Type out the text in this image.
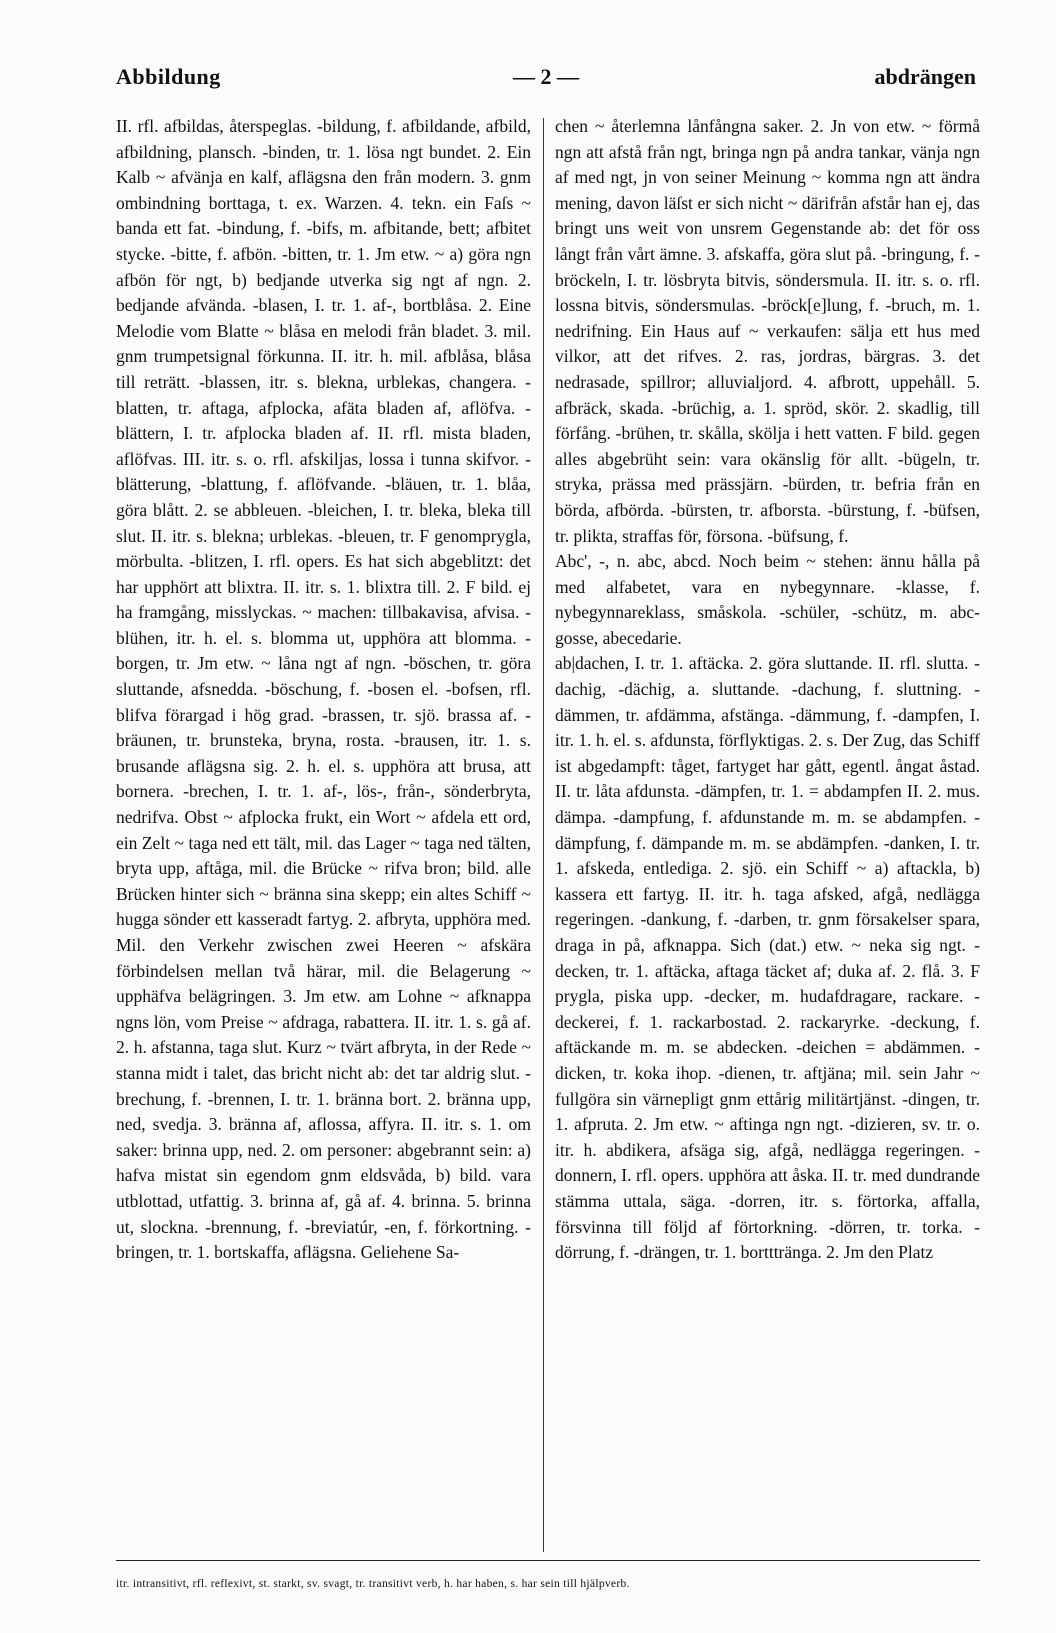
Abbildung	— 2 —	abdrängen
II. rfl. afbildas, återspeglas. -bildung, f. afbildande, afbild, afbildning, plansch. -binden, tr. 1. lösa ngt bundet. 2. Ein Kalb ~ afvänja en kalf, aflägsna den från modern. 3. gnm ombindning borttaga, t. ex. Warzen. 4. tekn. ein Faſs ~ banda ett fat. -bindung, f. -bifs, m. afbitande, bett; afbitet stycke. -bitte, f. afbön. -bitten, tr. 1. Jm etw. ~ a) göra ngn afbön för ngt, b) bedjande utverka sig ngt af ngn. 2. bedjande afvända. -blasen, I. tr. 1. af-, bortblåsa. 2. Eine Melodie vom Blatte ~ blåsa en melodi från bladet. 3. mil. gnm trumpetsignal förkunna. II. itr. h. mil. afblåsa, blåsa till reträtt. -blassen, itr. s. blekna, urblekas, changera. -blatten, tr. aftaga, afplocka, afäta bladen af, aflöfva. -blättern, I. tr. afplocka bladen af. II. rfl. mista bladen, aflöfvas. III. itr. s. o. rfl. afskiljas, lossa i tunna skifvor. -blätterung, -blattung, f. aflöfvande. -bläuen, tr. 1. blåa, göra blått. 2. se abbleuen. -bleichen, I. tr. bleka, bleka till slut. II. itr. s. blekna; urblekas. -bleuen, tr. F genomprygla, mörbulta. -blitzen, I. rfl. opers. Es hat sich abgeblitzt: det har upphört att blixtra. II. itr. s. 1. blixtra till. 2. F bild. ej ha framgång, misslyckas. ~ machen: tillbakavisa, afvisa. -blühen, itr. h. el. s. blomma ut, upphöra att blomma. -borgen, tr. Jm etw. ~ låna ngt af ngn. -böschen, tr. göra sluttande, afsnedda. -böschung, f. -bosen el. -bofsen, rfl. blifva förargad i hög grad. -brassen, tr. sjö. brassa af. -bräunen, tr. brunsteka, bryna, rosta. -brausen, itr. 1. s. brusande aflägsna sig. 2. h. el. s. upphöra att brusa, att bornera. -brechen, I. tr. 1. af-, lös-, från-, sönderbryta, nedrifva. Obst ~ afplocka frukt, ein Wort ~ afdela ett ord, ein Zelt ~ taga ned ett tält, mil. das Lager ~ taga ned tälten, bryta upp, aftåga, mil. die Brücke ~ rifva bron; bild. alle Brücken hinter sich ~ bränna sina skepp; ein altes Schiff ~ hugga sönder ett kasseradt fartyg. 2. afbryta, upphöra med. Mil. den Verkehr zwischen zwei Heeren ~ afskära förbindelsen mellan två härar, mil. die Belagerung ~ upphäfva belägringen. 3. Jm etw. am Lohne ~ afknappa ngns lön, vom Preise ~ afdraga, rabattera. II. itr. 1. s. gå af. 2. h. afstanna, taga slut. Kurz ~ tvärt afbryta, in der Rede ~ stanna midt i talet, das bricht nicht ab: det tar aldrig slut. -brechung, f. -brennen, I. tr. 1. bränna bort. 2. bränna upp, ned, svedja. 3. bränna af, aflossa, affyra. II. itr. s. 1. om saker: brinna upp, ned. 2. om personer: abgebrannt sein: a) hafva mistat sin egendom gnm eldsvåda, b) bild. vara utblottad, utfattig. 3. brinna af, gå af. 4. brinna. 5. brinna ut, slockna. -brennung, f. -breviatúr, -en, f. förkortning. -bringen, tr. 1. bortskaffa, aflägsna. Geliehene Sa-
chen ~ återlemna lånfångna saker. 2. Jn von etw. ~ förmå ngn att afstå från ngt, bringa ngn på andra tankar, vänja ngn af med ngt, jn von seiner Meinung ~ komma ngn att ändra mening, davon läſst er sich nicht ~ därifrån afstår han ej, das bringt uns weit von unsrem Gegenstande ab: det för oss långt från vårt ämne. 3. afskaffa, göra slut på. -bringung, f. -bröckeln, I. tr. lösbryta bitvis, söndersmula. II. itr. s. o. rfl. lossna bitvis, söndersmulas. -bröck[e]lung, f. -bruch, m. 1. nedrifning. Ein Haus auf ~ verkaufen: sälja ett hus med vilkor, att det rifves. 2. ras, jordras, bärgras. 3. det nedrasade, spillror; alluvialjord. 4. afbrott, uppehåll. 5. afbräck, skada. -brüchig, a. 1. spröd, skör. 2. skadlig, till förfång. -brühen, tr. skålla, skölja i hett vatten. F bild. gegen alles abgebrüht sein: vara okänslig för allt. -bügeln, tr. stryka, prässa med prässjärn. -bürden, tr. befria från en börda, afbörda. -bürsten, tr. afborsta. -bürstung, f. -büfsen, tr. plikta, straffas för, försona. -büfsung, f.
Abc', -, n. abc, abcd. Noch beim ~ stehen: ännu hålla på med alfabetet, vara en nybegynnare. -klasse, f. nybegynnareklass, småskola. -schüler, -schütz, m. abc-gosse, abecedarie.
ab|dachen, I. tr. 1. aftäcka. 2. göra sluttande. II. rfl. slutta. -dachig, -dächig, a. sluttande. -dachung, f. sluttning. -dämmen, tr. afdämma, afstänga. -dämmung, f. -dampfen, I. itr. 1. h. el. s. afdunsta, förflyktigas. 2. s. Der Zug, das Schiff ist abgedampft: tåget, fartyget har gått, egentl. ångat åstad. II. tr. låta afdunsta. -dämpfen, tr. 1. = abdampfen II. 2. mus. dämpa. -dampfung, f. afdunstande m. m. se abdampfen. -dämpfung, f. dämpande m. m. se abdämpfen. -danken, I. tr. 1. afskeda, entlediga. 2. sjö. ein Schiff ~ a) aftackla, b) kassera ett fartyg. II. itr. h. taga afsked, afgå, nedlägga regeringen. -dankung, f. -darben, tr. gnm försakelser spara, draga in på, afknappa. Sich (dat.) etw. ~ neka sig ngt. -decken, tr. 1. aftäcka, aftaga täcket af; duka af. 2. flå. 3. F prygla, piska upp. -decker, m. hudafdragare, rackare. -deckerei, f. 1. rackarbostad. 2. rackaryrke. -deckung, f. aftäckande m. m. se abdecken. -deichen = abdämmen. -dicken, tr. koka ihop. -dienen, tr. aftjäna; mil. sein Jahr ~ fullgöra sin värnepligt gnm ettårig militärtjänst. -dingen, tr. 1. afpruta. 2. Jm etw. ~ aftinga ngn ngt. -dizieren, sv. tr. o. itr. h. abdikera, afsäga sig, afgå, nedlägga regeringen. -donnern, I. rfl. opers. upphöra att åska. II. tr. med dundrande stämma uttala, säga. -dorren, itr. s. förtorka, affalla, försvinna till följd af förtorkning. -dörren, tr. torka. -dörrung, f. -drängen, tr. 1. bortttränga. 2. Jm den Platz
itr. intransitivt, rfl. reflexivt, st. starkt, sv. svagt, tr. transitivt verb, h. har haben, s. har sein till hjälpverb.
